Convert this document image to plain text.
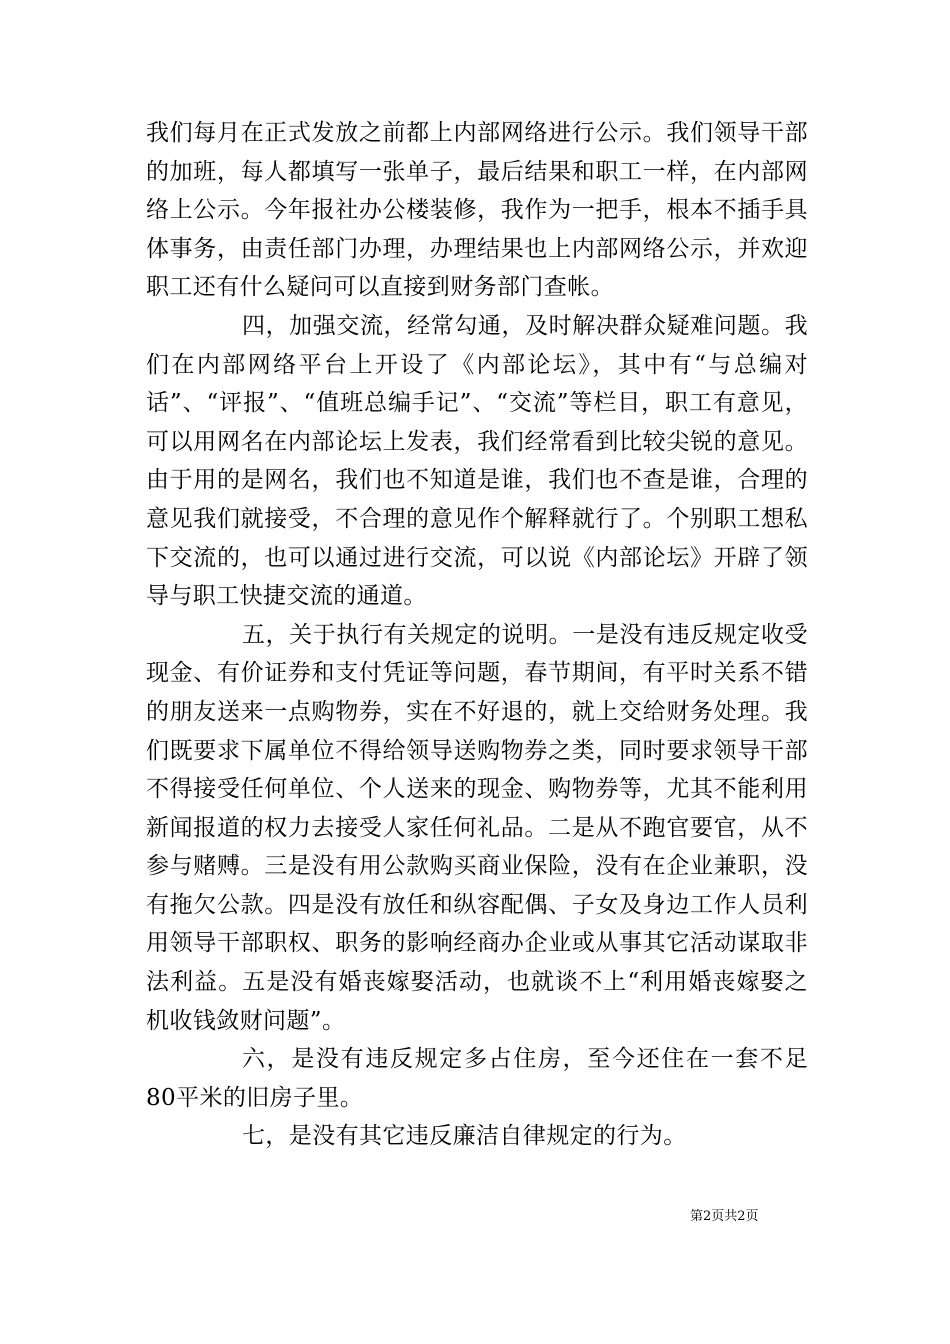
我们每月在正式发放之前都上内部网络进行公示。我们领导干部的加班，每人都填写一张单子，最后结果和职工一样，在内部网络上公示。今年报社办公楼装修，我作为一把手，根本不插手具体事务，由责任部门办理，办理结果也上内部网络公示，并欢迎职工还有什么疑问可以直接到财务部门查帐。

四，加强交流，经常勾通，及时解决群众疑难问题。我们在内部网络平台上开设了《内部论坛》，其中有“与总编对话”、“评报”、“值班总编手记”、“交流”等栏目，职工有意见，可以用网名在内部论坛上发表，我们经常看到比较尖锐的意见。由于用的是网名，我们也不知道是谁，我们也不查是谁，合理的意见我们就接受，不合理的意见作个解释就行了。个别职工想私下交流的，也可以通过进行交流，可以说《内部论坛》开辟了领导与职工快捷交流的通道。

五，关于执行有关规定的说明。一是没有违反规定收受现金、有价证券和支付凭证等问题，春节期间，有平时关系不错的朋友送来一点购物券，实在不好退的，就上交给财务处理。我们既要求下属单位不得给领导送购物券之类，同时要求领导干部不得接受任何单位、个人送来的现金、购物券等，尤其不能利用新闻报道的权力去接受人家任何礼品。二是从不跑官要官，从不参与赌赙。三是没有用公款购买商业保险，没有在企业兼职，没有拖欠公款。四是没有放任和纵容配偶、子女及身边工作人员利用领导干部职权、职务的影响经商办企业或从事其它活动谋取非法利益。五是没有婚丧嫁娶活动，也就谈不上“利用婚丧嫁娶之机收钱敛财问题”。

六，是没有违反规定多占住房，至今还住在一套不足80平米的旧房子里。

七，是没有其它违反廉洁自律规定的行为。

第2页共2页
